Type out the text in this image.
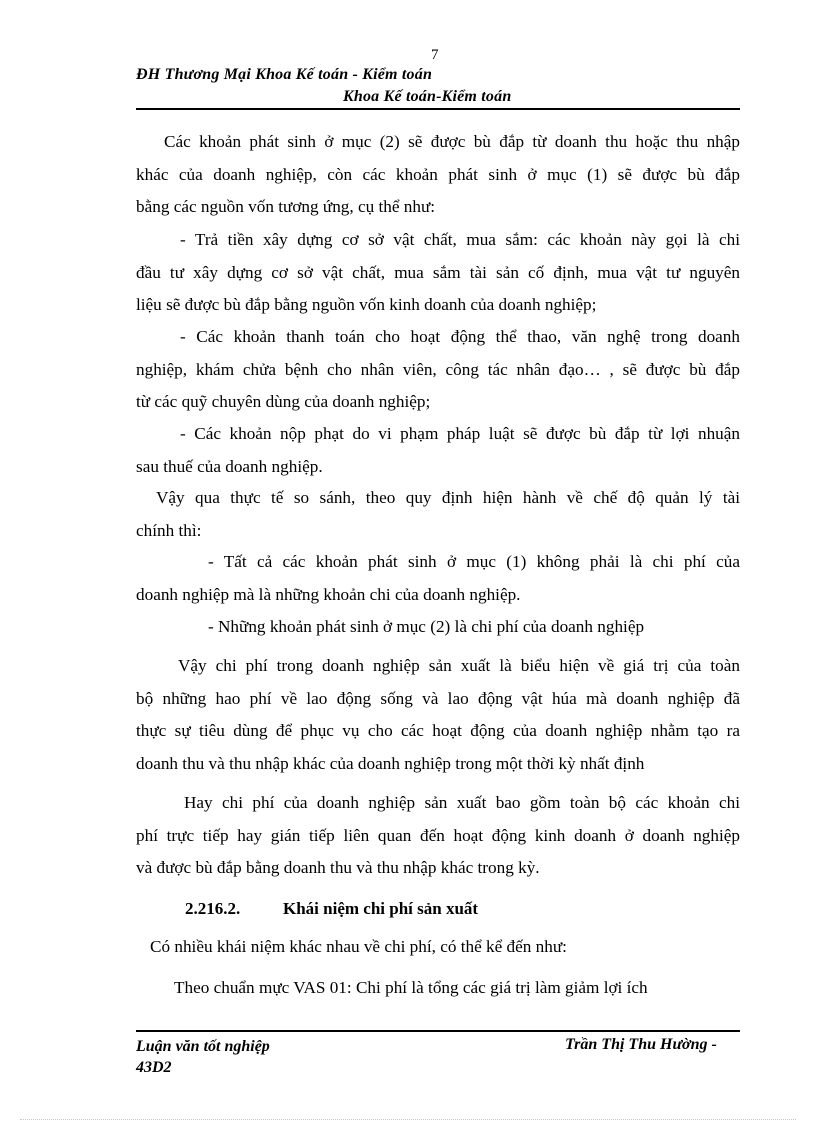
7
ĐH Thương Mại Khoa Kế toán - Kiểm toán
Khoa Kế toán-Kiểm toán
Các khoản phát sinh ở mục (2) sẽ được bù đắp từ doanh thu hoặc thu nhập
khác của doanh nghiệp, còn các khoản phát sinh ở mục (1) sẽ được bù đắp
bằng các nguồn vốn tương ứng, cụ thể như:
- Trả tiền xây dựng cơ sở vật chất, mua sắm: các khoản này gọi là chi
đầu tư xây dựng cơ sở vật chất, mua sắm tài sản cố định, mua vật tư nguyên
liệu sẽ được bù đắp bằng nguồn vốn kinh doanh của doanh nghiệp;
- Các khoản thanh toán cho hoạt động thể thao, văn nghệ trong doanh
nghiệp, khám chửa bệnh cho nhân viên, công tác nhân đạo… , sẽ được bù đắp
từ các quỹ chuyên dùng của doanh nghiệp;
- Các khoản nộp phạt do vi phạm pháp luật sẽ được bù đắp từ lợi nhuận
sau thuế của doanh nghiệp.
Vậy qua thực tế so sánh, theo quy định hiện hành về chế độ quản lý tài
chính thì:
- Tất cả các khoản phát sinh ở mục (1) không phải là chi phí của
doanh nghiệp mà là những khoản chi của doanh nghiệp.
- Những khoản phát sinh ở mục (2) là chi phí của doanh nghiệp
Vậy chi phí trong doanh nghiệp sản xuất là biểu hiện về giá trị của toàn
bộ những hao phí về lao động sống và lao động vật húa mà doanh nghiệp đã
thực sự tiêu dùng để phục vụ cho các hoạt động của doanh nghiệp nhằm tạo ra
doanh thu và thu nhập khác của doanh nghiệp trong một thời kỳ nhất định
Hay chi phí của doanh nghiệp sản xuất bao gồm toàn bộ các khoản chi
phí trực tiếp hay gián tiếp liên quan đến hoạt động kinh doanh ở doanh nghiệp
và được bù đắp bằng doanh thu và thu nhập khác trong kỳ.
2.216.2.	Khái niệm chi phí sản xuất
Có nhiều khái niệm khác nhau về chi phí, có thể kể đến như:
Theo chuẩn mực VAS 01: Chi phí là tổng các giá trị làm giảm lợi ích
Luận văn tốt nghiệp
43D2
Trần Thị Thu Hường -
